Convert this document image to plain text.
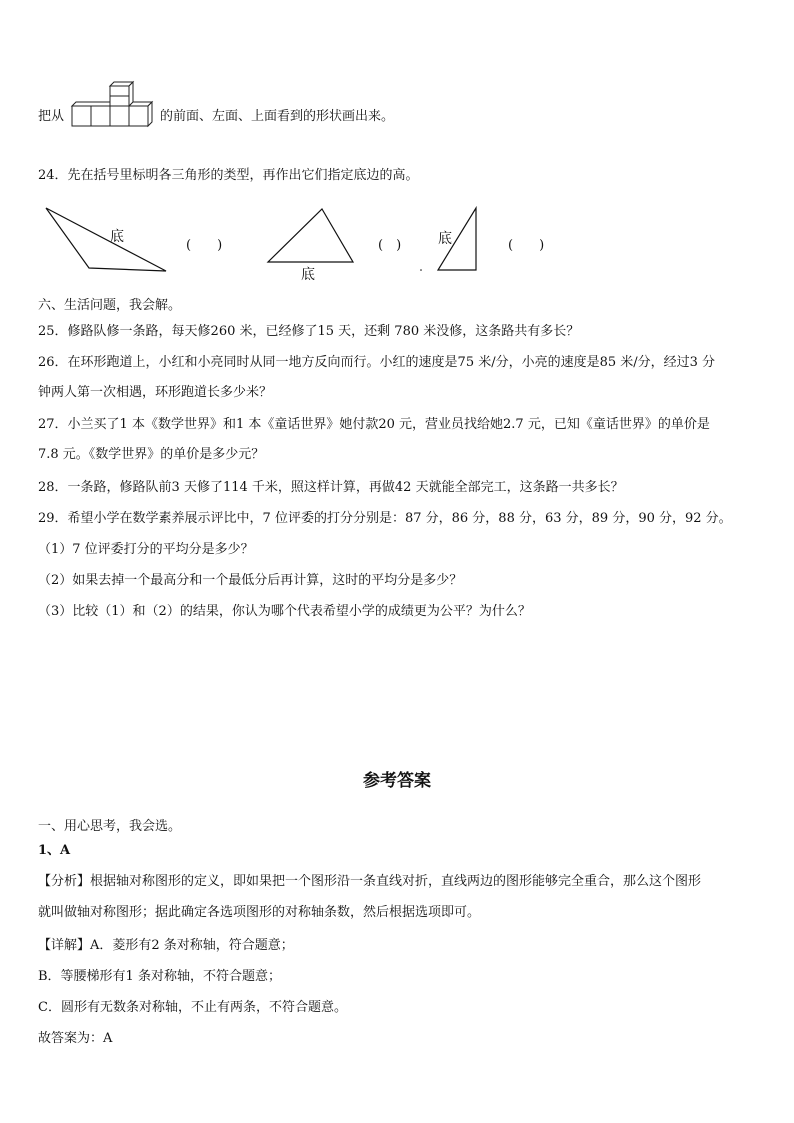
把从	的前面、左面、上面看到的形状画出来。
24．先在括号里标明各三角形的类型，再作出它们指定底边的高。
底
(　　)
底
(　)	底	(　　)
六、生活问题，我会解。
25．修路队修一条路，每天修260 米，已经修了15 天，还剩 780 米没修，这条路共有多长？
26．在环形跑道上，小红和小亮同时从同一地方反向而行。小红的速度是75 米/分，小亮的速度是85 米/分，经过3 分
钟两人第一次相遇，环形跑道长多少米？
27．小兰买了1 本《数学世界》和1 本《童话世界》她付款20 元，营业员找给她2.7 元，已知《童话世界》的单价是
7.8 元。《数学世界》的单价是多少元？
28．一条路，修路队前3 天修了114 千米，照这样计算，再做42 天就能全部完工，这条路一共多长？
29．希望小学在数学素养展示评比中，7 位评委的打分分别是：87 分，86 分，88 分，63 分，89 分，90 分，92 分。
（1）7 位评委打分的平均分是多少？
（2）如果去掉一个最高分和一个最低分后再计算，这时的平均分是多少？
（3）比较（1）和（2）的结果，你认为哪个代表希望小学的成绩更为公平？为什么？
参考答案
一、用心思考，我会选。
1、A
【分析】根据轴对称图形的定义，即如果把一个图形沿一条直线对折，直线两边的图形能够完全重合，那么这个图形
就叫做轴对称图形；据此确定各选项图形的对称轴条数，然后根据选项即可。
【详解】A．菱形有2 条对称轴，符合题意；
B．等腰梯形有1 条对称轴，不符合题意；
C．圆形有无数条对称轴，不止有两条，不符合题意。
故答案为：A
